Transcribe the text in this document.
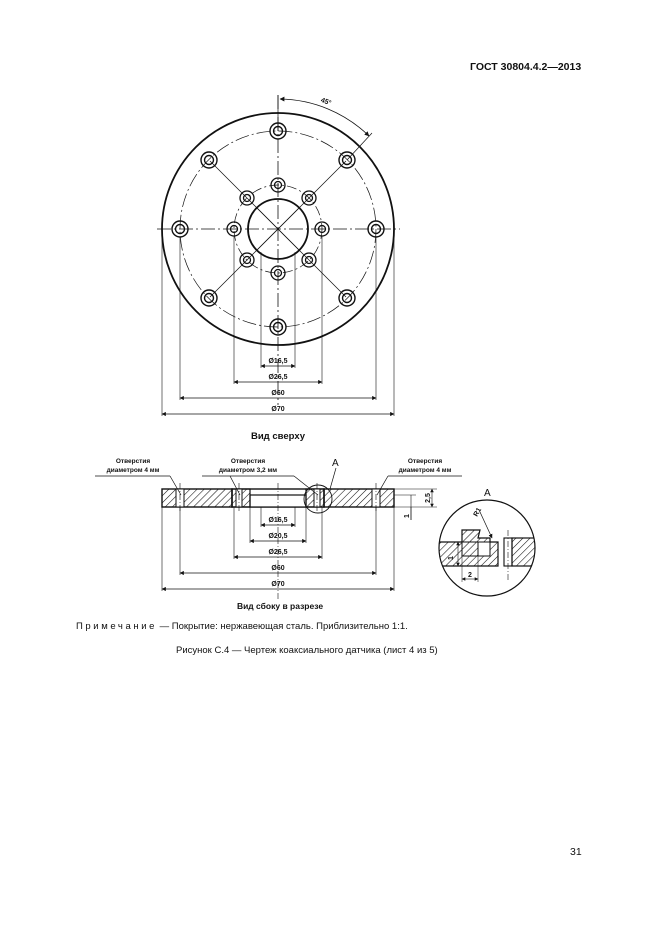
ГОСТ 30804.4.2—2013
45°
Ø16,5
Ø26,5
Ø60
Ø70
Вид сверху
Отверстия
диаметром 4 мм
Отверстия
диаметром 3,2 мм
Отверстия
диаметром 4 мм
A
2,5
1
Ø16,5
Ø20,5
Ø26,5
Ø60
Ø70
Вид сбоку в разрезе
A
R1
1
2
Примечание — Покрытие: нержавеющая сталь. Приблизительно 1:1.
Рисунок С.4 — Чертеж коаксиального датчика (лист 4 из 5)
31
